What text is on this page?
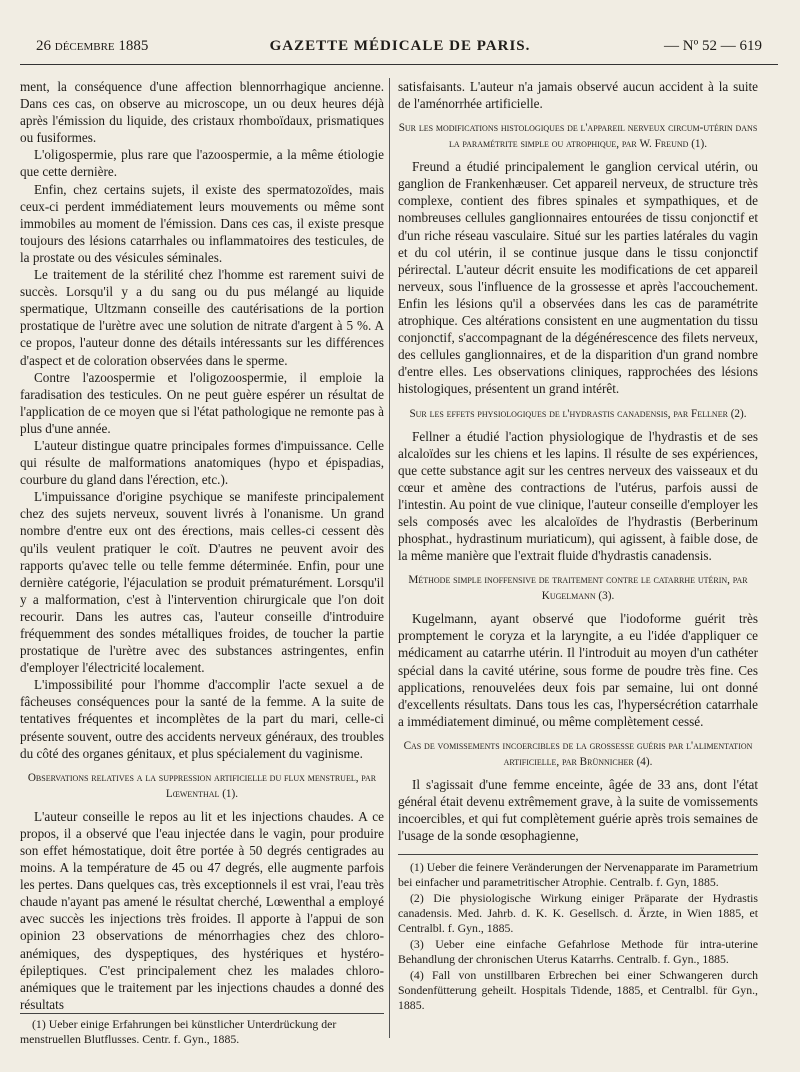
26 décembre 1885	GAZETTE MÉDICALE DE PARIS.	— Nº 52 — 619

ment, la conséquence d'une affection blennorrhagique ancienne. Dans ces cas, on observe au microscope, un ou deux heures déjà après l'émission du liquide, des cristaux rhomboïdaux, prismatiques ou fusiformes.

L'oligospermie, plus rare que l'azoospermie, a la même étiologie que cette dernière.

Enfin, chez certains sujets, il existe des spermatozoïdes, mais ceux-ci perdent immédiatement leurs mouvements ou même sont immobiles au moment de l'émission. Dans ces cas, il existe presque toujours des lésions catarrhales ou inflammatoires des testicules, de la prostate ou des vésicules séminales.

Le traitement de la stérilité chez l'homme est rarement suivi de succès. Lorsqu'il y a du sang ou du pus mélangé au liquide spermatique, Ultzmann conseille des cautérisations de la portion prostatique de l'urètre avec une solution de nitrate d'argent à 5 %. A ce propos, l'auteur donne des détails intéressants sur les différences d'aspect et de coloration observées dans le sperme.

Contre l'azoospermie et l'oligozoospermie, il emploie la faradisation des testicules. On ne peut guère espérer un résultat de l'application de ce moyen que si l'état pathologique ne remonte pas à plus d'une année.

L'auteur distingue quatre principales formes d'impuissance. Celle qui résulte de malformations anatomiques (hypo et épispadias, courbure du gland dans l'érection, etc.).

L'impuissance d'origine psychique se manifeste principalement chez des sujets nerveux, souvent livrés à l'onanisme. Un grand nombre d'entre eux ont des érections, mais celles-ci cessent dès qu'ils veulent pratiquer le coït. D'autres ne peuvent avoir des rapports qu'avec telle ou telle femme déterminée. Enfin, pour une dernière catégorie, l'éjaculation se produit prématurément. Lorsqu'il y a malformation, c'est à l'intervention chirurgicale que l'on doit recourir. Dans les autres cas, l'auteur conseille d'introduire fréquemment des sondes métalliques froides, de toucher la partie prostatique de l'urètre avec des substances astringentes, enfin d'employer l'électricité localement.

L'impossibilité pour l'homme d'accomplir l'acte sexuel a de fâcheuses conséquences pour la santé de la femme. A la suite de tentatives fréquentes et incomplètes de la part du mari, celle-ci présente souvent, outre des accidents nerveux généraux, des troubles du côté des organes génitaux, et plus spécialement du vaginisme.

Observations relatives a la suppression artificielle du flux menstruel, par Lœwenthal (1).

L'auteur conseille le repos au lit et les injections chaudes. A ce propos, il a observé que l'eau injectée dans le vagin, pour produire son effet hémostatique, doit être portée à 50 degrés centigrades au moins. A la température de 45 ou 47 degrés, elle augmente parfois les pertes. Dans quelques cas, très exceptionnels il est vrai, l'eau très chaude n'ayant pas amené le résultat cherché, Lœwenthal a employé avec succès les injections très froides. Il apporte à l'appui de son opinion 23 observations de ménorrhagies chez des chloro-anémiques, des dyspeptiques, des hystériques et hystéro-épileptiques. C'est principalement chez les malades chloro-anémiques que le traitement par les injections chaudes a donné des résultats

(1) Ueber einige Erfahrungen bei künstlicher Unterdrückung der menstruellen Blutflusses. Centr. f. Gyn., 1885.

satisfaisants. L'auteur n'a jamais observé aucun accident à la suite de l'aménorrhée artificielle.

Sur les modifications histologiques de l'appareil nerveux circum-utérin dans la paramétrite simple ou atrophique, par W. Freund (1).

Freund a étudié principalement le ganglion cervical utérin, ou ganglion de Frankenhæuser. Cet appareil nerveux, de structure très complexe, contient des fibres spinales et sympathiques, et de nombreuses cellules ganglionnaires entourées de tissu conjonctif et d'un riche réseau vasculaire. Situé sur les parties latérales du vagin et du col utérin, il se continue jusque dans le tissu conjonctif périrectal. L'auteur décrit ensuite les modifications de cet appareil nerveux, sous l'influence de la grossesse et après l'accouchement. Enfin les lésions qu'il a observées dans les cas de paramétrite atrophique. Ces altérations consistent en une augmentation du tissu conjonctif, s'accompagnant de la dégénérescence des filets nerveux, des cellules ganglionnaires, et de la disparition d'un grand nombre d'entre elles. Les observations cliniques, rapprochées des lésions histologiques, présentent un grand intérêt.

Sur les effets physiologiques de l'hydrastis canadensis, par Fellner (2).

Fellner a étudié l'action physiologique de l'hydrastis et de ses alcaloïdes sur les chiens et les lapins. Il résulte de ses expériences, que cette substance agit sur les centres nerveux des vaisseaux et du cœur et amène des contractions de l'utérus, parfois aussi de l'intestin. Au point de vue clinique, l'auteur conseille d'employer les sels composés avec les alcaloïdes de l'hydrastis (Berberinum phosphat., hydrastinum muriaticum), qui agissent, à faible dose, de la même manière que l'extrait fluide d'hydrastis canadensis.

Méthode simple inoffensive de traitement contre le catarrhe utérin, par Kugelmann (3).

Kugelmann, ayant observé que l'iodoforme guérit très promptement le coryza et la laryngite, a eu l'idée d'appliquer ce médicament au catarrhe utérin. Il l'introduit au moyen d'un cathéter spécial dans la cavité utérine, sous forme de poudre très fine. Ces applications, renouvelées deux fois par semaine, lui ont donné d'excellents résultats. Dans tous les cas, l'hypersécrétion catarrhale a immédiatement diminué, ou même complètement cessé.

Cas de vomissements incoercibles de la grossesse guéris par l'alimentation artificielle, par Brünnicher (4).

Il s'agissait d'une femme enceinte, âgée de 33 ans, dont l'état général était devenu extrêmement grave, à la suite de vomissements incoercibles, et qui fut complètement guérie après trois semaines de l'usage de la sonde œsophagienne,

(1) Ueber die feinere Veränderungen der Nervenapparate im Parametrium bei einfacher und parametritischer Atrophie. Centralb. f. Gyn, 1885.

(2) Die physiologische Wirkung einiger Präparate der Hydrastis canadensis. Med. Jahrb. d. K. K. Gesellsch. d. Ärzte, in Wien 1885, et Centralbl. f. Gyn., 1885.

(3) Ueber eine einfache Gefahrlose Methode für intra-uterine Behandlung der chronischen Uterus Katarrhs. Centralb. f. Gyn., 1885.

(4) Fall von unstillbaren Erbrechen bei einer Schwangeren durch Sondenfütterung geheilt. Hospitals Tidende, 1885, et Centralbl. für Gyn., 1885.
